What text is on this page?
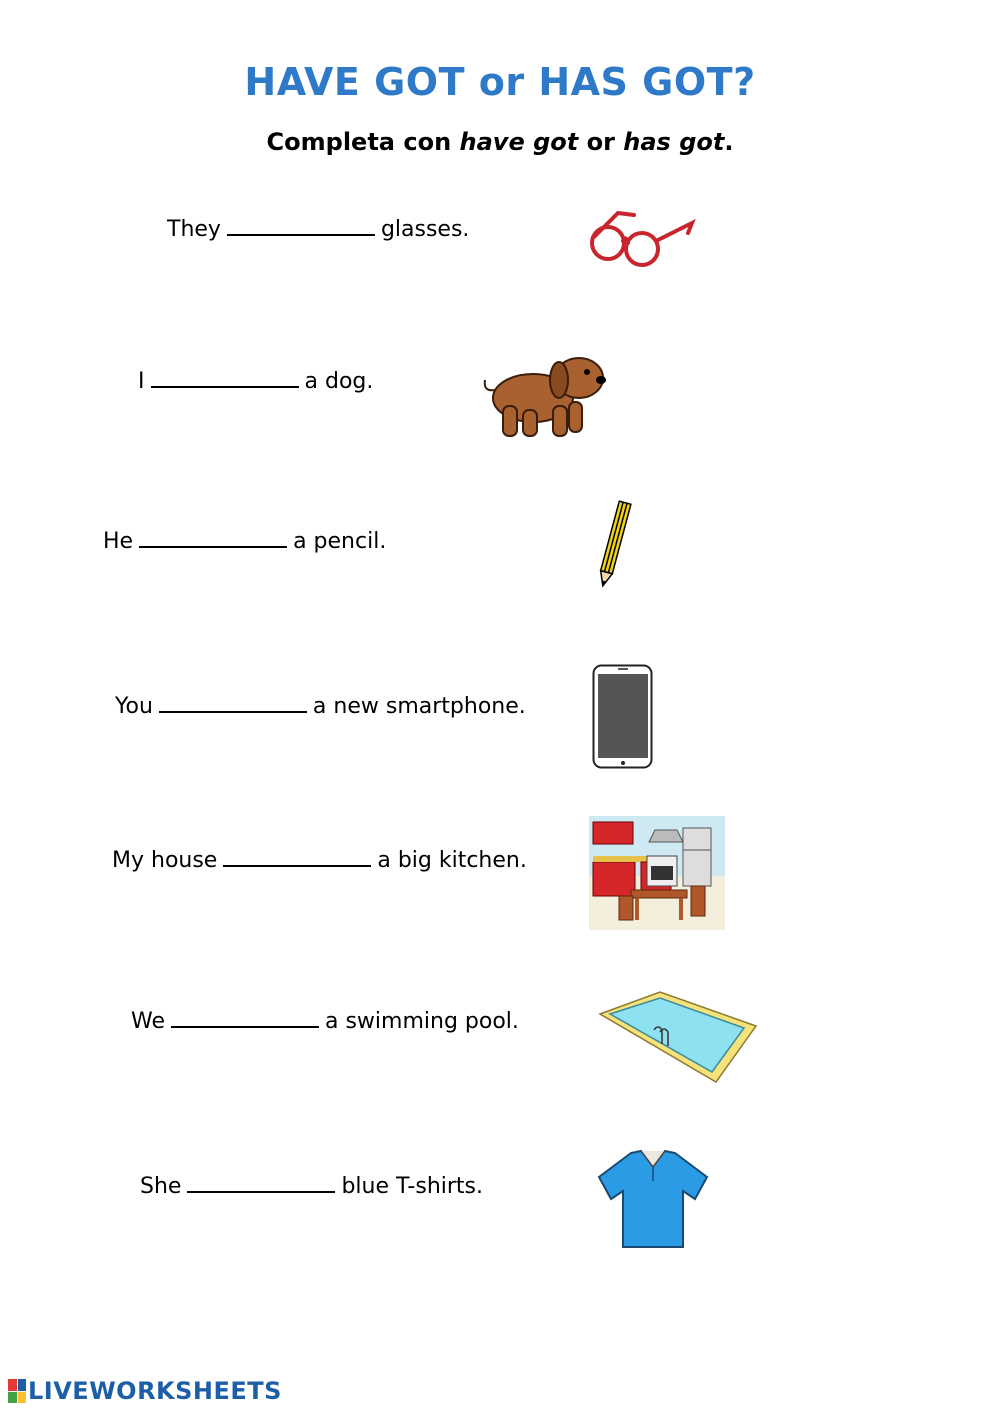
HAVE GOT or HAS GOT?
Completa con have got or has got.
They	glasses.
I	a dog.
He	a pencil.
You	a new smartphone.
My house	a big kitchen.
We	a swimming pool.
She	blue T-shirts.
LIVEWORKSHEETS
